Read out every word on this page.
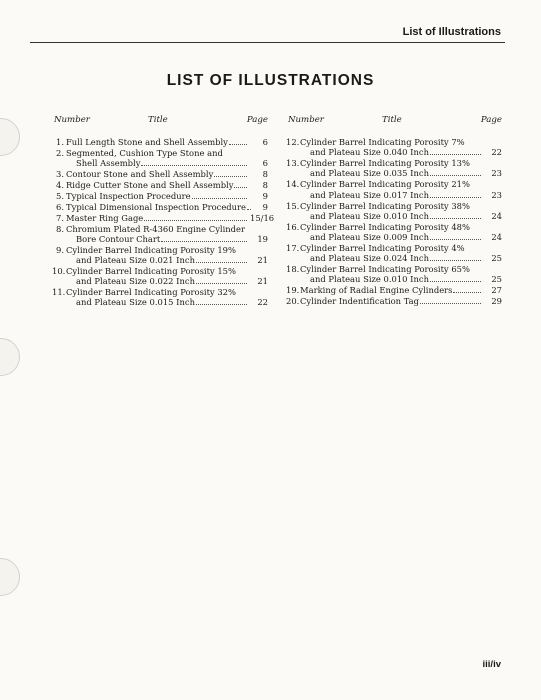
List of Illustrations
LIST OF ILLUSTRATIONS
Number	Title	Page
1. Full Length Stone and Shell Assembly	6
2. Segmented, Cushion Type Stone and
Shell Assembly	6
3. Contour Stone and Shell Assembly	8
4. Ridge Cutter Stone and Shell Assembly	8
5. Typical Inspection Procedure	9
6. Typical Dimensional Inspection Procedure	9
7. Master Ring Gage	15/16
8. Chromium Plated R-4360 Engine Cylinder
Bore Contour Chart	19
9. Cylinder Barrel Indicating Porosity 19%
and Plateau Size 0.021 Inch	21
10. Cylinder Barrel Indicating Porosity 15%
and Plateau Size 0.022 Inch	21
11. Cylinder Barrel Indicating Porosity 32%
and Plateau Size 0.015 Inch	22
Number	Title	Page
12. Cylinder Barrel Indicating Porosity 7%
and Plateau Size 0.040 Inch	22
13. Cylinder Barrel Indicating Porosity 13%
and Plateau Size 0.035 Inch	23
14. Cylinder Barrel Indicating Porosity 21%
and Plateau Size 0.017 Inch	23
15. Cylinder Barrel Indicating Porosity 38%
and Plateau Size 0.010 Inch	24
16. Cylinder Barrel Indicating Porosity 48%
and Plateau Size 0.009 Inch	24
17. Cylinder Barrel Indicating Porosity 4%
and Plateau Size 0.024 Inch	25
18. Cylinder Barrel Indicating Porosity 65%
and Plateau Size 0.010 Inch	25
19. Marking of Radial Engine Cylinders	27
20. Cylinder Indentification Tag	29
iii/iv
